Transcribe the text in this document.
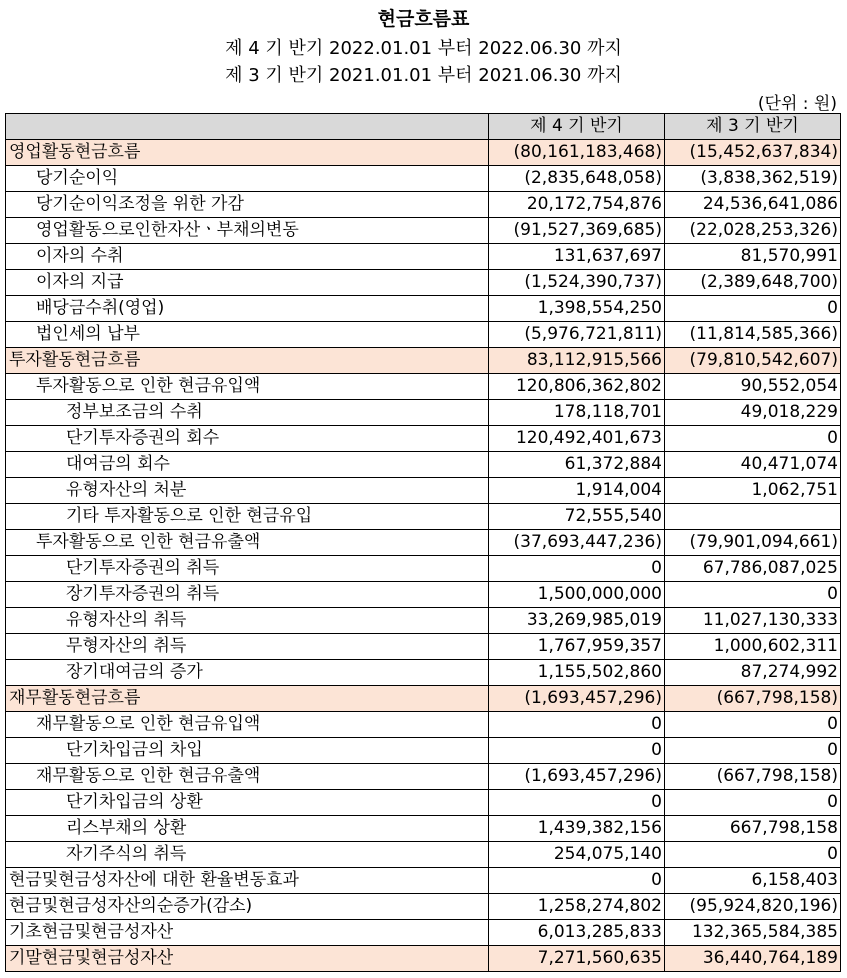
현금흐름표
제 4 기 반기 2022.01.01 부터 2022.06.30 까지
제 3 기 반기 2021.01.01 부터 2021.06.30 까지
(단위 : 원)
	제 4 기 반기	제 3 기 반기
영업활동현금흐름	(80,161,183,468)	(15,452,637,834)
당기순이익	(2,835,648,058)	(3,838,362,519)
당기순이익조정을 위한 가감	20,172,754,876	24,536,641,086
영업활동으로인한자산ㆍ부채의변동	(91,527,369,685)	(22,028,253,326)
이자의 수취	131,637,697	81,570,991
이자의 지급	(1,524,390,737)	(2,389,648,700)
배당금수취(영업)	1,398,554,250	0
법인세의 납부	(5,976,721,811)	(11,814,585,366)
투자활동현금흐름	83,112,915,566	(79,810,542,607)
투자활동으로 인한 현금유입액	120,806,362,802	90,552,054
정부보조금의 수취	178,118,701	49,018,229
단기투자증권의 회수	120,492,401,673	0
대여금의 회수	61,372,884	40,471,074
유형자산의 처분	1,914,004	1,062,751
기타 투자활동으로 인한 현금유입	72,555,540	
투자활동으로 인한 현금유출액	(37,693,447,236)	(79,901,094,661)
단기투자증권의 취득	0	67,786,087,025
장기투자증권의 취득	1,500,000,000	0
유형자산의 취득	33,269,985,019	11,027,130,333
무형자산의 취득	1,767,959,357	1,000,602,311
장기대여금의 증가	1,155,502,860	87,274,992
재무활동현금흐름	(1,693,457,296)	(667,798,158)
재무활동으로 인한 현금유입액	0	0
단기차입금의 차입	0	0
재무활동으로 인한 현금유출액	(1,693,457,296)	(667,798,158)
단기차입금의 상환	0	0
리스부채의 상환	1,439,382,156	667,798,158
자기주식의 취득	254,075,140	0
현금및현금성자산에 대한 환율변동효과	0	6,158,403
현금및현금성자산의순증가(감소)	1,258,274,802	(95,924,820,196)
기초현금및현금성자산	6,013,285,833	132,365,584,385
기말현금및현금성자산	7,271,560,635	36,440,764,189
